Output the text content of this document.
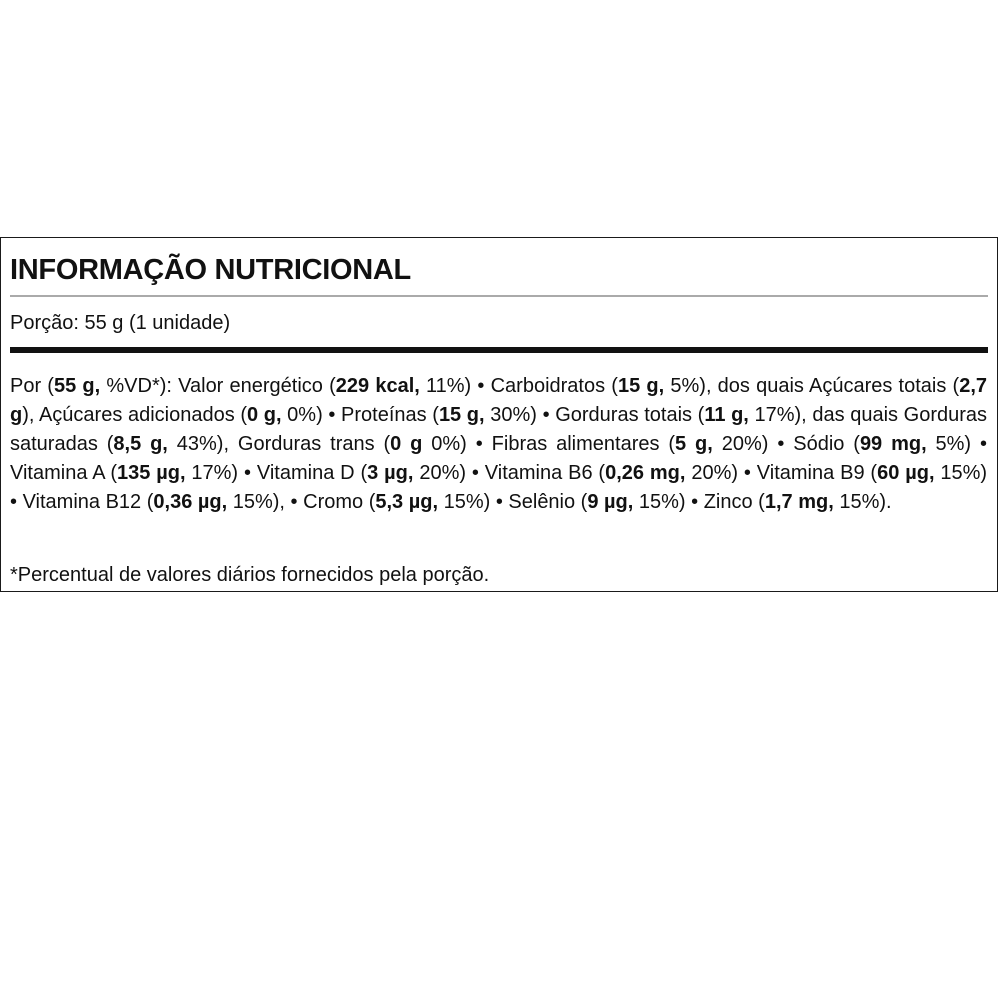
INFORMAÇÃO NUTRICIONAL
Porção: 55 g (1 unidade)
Por (55 g, %VD*): Valor energético (229 kcal, 11%) • Carboidratos (15 g, 5%), dos quais Açúcares totais (2,7 g), Açúcares adicionados (0 g, 0%) • Proteínas (15 g, 30%) • Gorduras totais (11 g, 17%), das quais Gorduras saturadas (8,5 g, 43%), Gorduras trans (0 g 0%) • Fibras alimentares (5 g, 20%) • Sódio (99 mg, 5%) • Vitamina A (135 µg, 17%) • Vitamina D (3 µg, 20%) • Vitamina B6 (0,26 mg, 20%) • Vitamina B9 (60 µg, 15%) • Vitamina B12 (0,36 µg, 15%), • Cromo (5,3 µg, 15%) • Selênio (9 µg, 15%) • Zinco (1,7 mg, 15%).
*Percentual de valores diários fornecidos pela porção.
